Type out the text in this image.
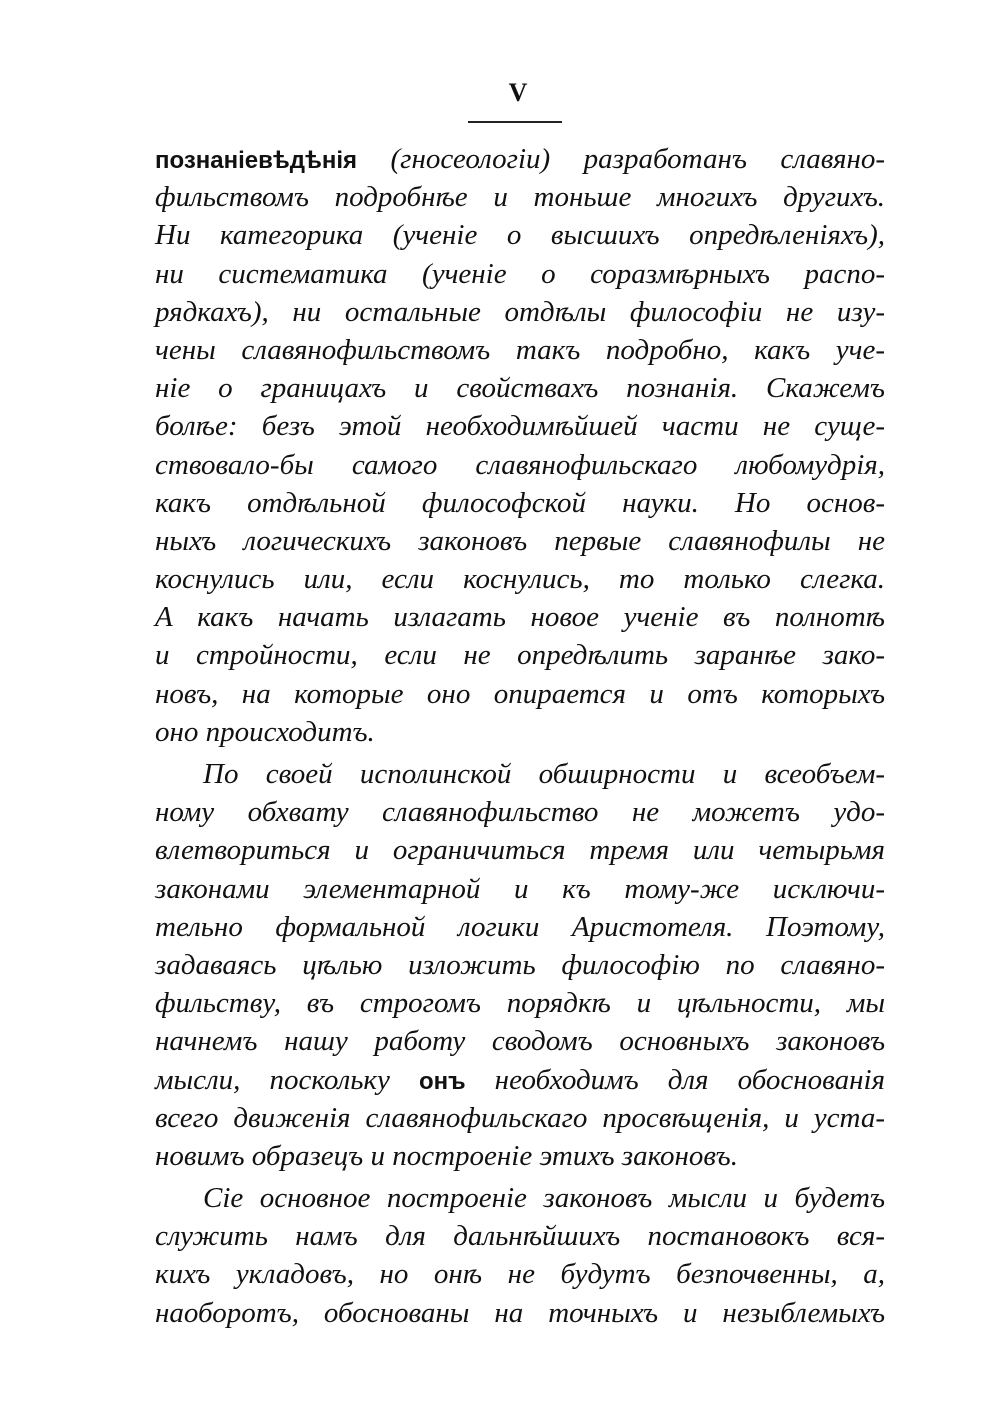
V
познаніевѣдѣнія (гносеологіи) разработанъ славяно-
фильствомъ подробнѣе и тоньше многихъ другихъ.
Ни категорика (ученіе о высшихъ опредѣленіяхъ),
ни систематика (ученіе о соразмѣрныхъ распо-
рядкахъ), ни остальные отдѣлы философіи не изу-
чены славянофильствомъ такъ подробно, какъ уче-
ніе о границахъ и свойствахъ познанія. Скажемъ
болѣе: безъ этой необходимѣйшей части не суще-
ствовало-бы самого славянофильскаго любомудрія,
какъ отдѣльной философской науки. Но основ-
ныхъ логическихъ законовъ первые славянофилы не
коснулись или, если коснулись, то только слегка.
А какъ начать излагать новое ученіе въ полнотѣ
и стройности, если не опредѣлить заранѣе зако-
новъ, на которые оно опирается и отъ которыхъ
оно происходитъ.
По своей исполинской обширности и всеобъем-
ному обхвату славянофильство не можетъ удо-
влетвориться и ограничиться тремя или четырьмя
законами элементарной и къ тому-же исключи-
тельно формальной логики Аристотеля. Поэтому,
задаваясь цѣлью изложить философію по славяно-
фильству, въ строгомъ порядкѣ и цѣльности, мы
начнемъ нашу работу сводомъ основныхъ законовъ
мысли, поскольку онъ необходимъ для обоснованія
всего движенія славянофильскаго просвѣщенія, и уста-
новимъ образецъ и построеніе этихъ законовъ.
Сіе основное построеніе законовъ мысли и будетъ
служить намъ для дальнѣйшихъ постановокъ вся-
кихъ укладовъ, но онѣ не будутъ безпочвенны, а,
наоборотъ, обоснованы на точныхъ и незыблемыхъ
